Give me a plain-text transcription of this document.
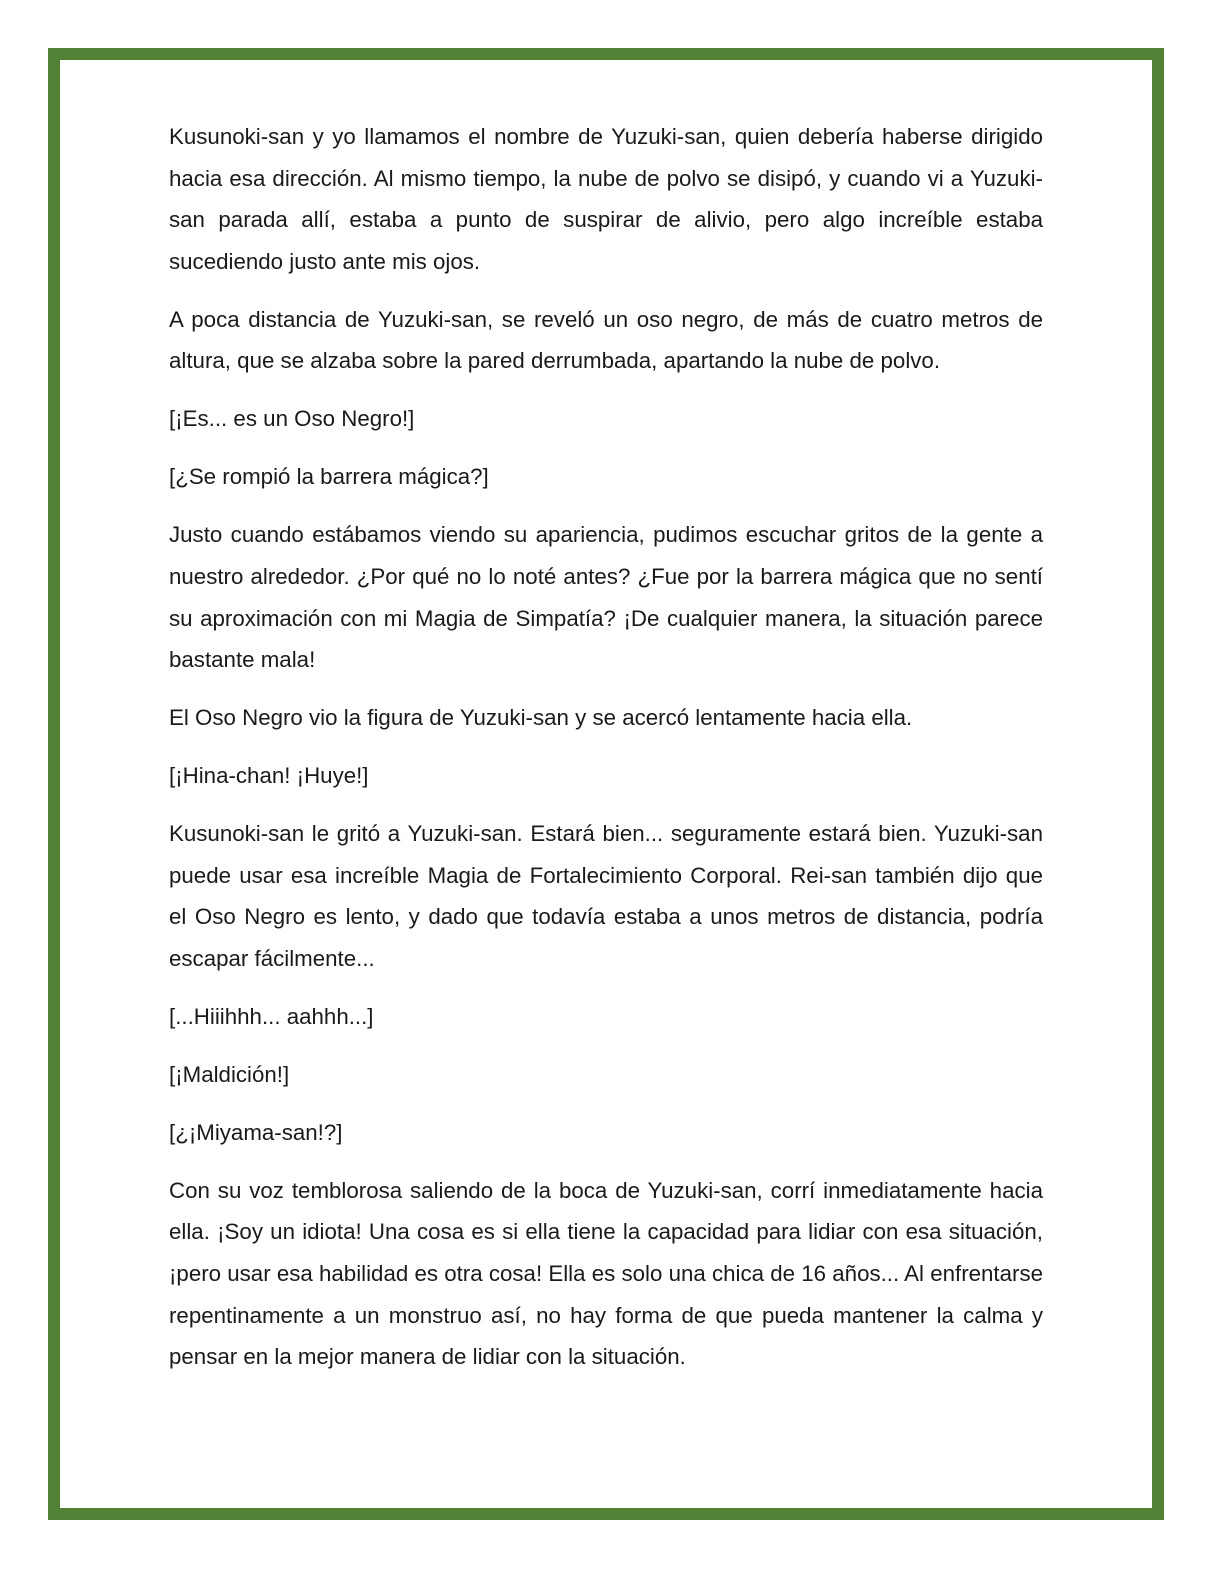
Kusunoki-san y yo llamamos el nombre de Yuzuki-san, quien debería haberse dirigido hacia esa dirección. Al mismo tiempo, la nube de polvo se disipó, y cuando vi a Yuzuki-san parada allí, estaba a punto de suspirar de alivio, pero algo increíble estaba sucediendo justo ante mis ojos.

A poca distancia de Yuzuki-san, se reveló un oso negro, de más de cuatro metros de altura, que se alzaba sobre la pared derrumbada, apartando la nube de polvo.

[¡Es... es un Oso Negro!]

[¿Se rompió la barrera mágica?]

Justo cuando estábamos viendo su apariencia, pudimos escuchar gritos de la gente a nuestro alrededor. ¿Por qué no lo noté antes? ¿Fue por la barrera mágica que no sentí su aproximación con mi Magia de Simpatía? ¡De cualquier manera, la situación parece bastante mala!

El Oso Negro vio la figura de Yuzuki-san y se acercó lentamente hacia ella.

[¡Hina-chan! ¡Huye!]

Kusunoki-san le gritó a Yuzuki-san. Estará bien... seguramente estará bien. Yuzuki-san puede usar esa increíble Magia de Fortalecimiento Corporal. Rei-san también dijo que el Oso Negro es lento, y dado que todavía estaba a unos metros de distancia, podría escapar fácilmente...

[...Hiiihhh... aahhh...]

[¡Maldición!]

[¿¡Miyama-san!?]

Con su voz temblorosa saliendo de la boca de Yuzuki-san, corrí inmediatamente hacia ella. ¡Soy un idiota! Una cosa es si ella tiene la capacidad para lidiar con esa situación, ¡pero usar esa habilidad es otra cosa! Ella es solo una chica de 16 años... Al enfrentarse repentinamente a un monstruo así, no hay forma de que pueda mantener la calma y pensar en la mejor manera de lidiar con la situación.
